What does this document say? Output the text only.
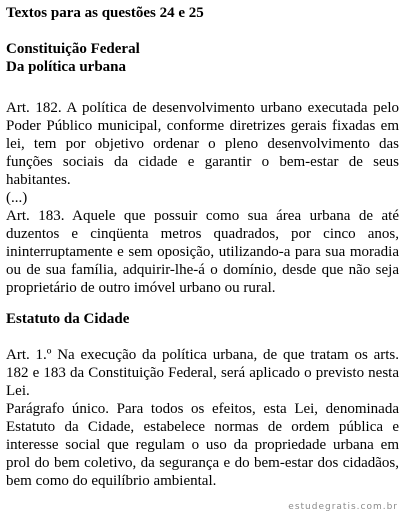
Textos para as questões 24 e 25

Constituição Federal

Da política urbana

Art. 182. A política de desenvolvimento urbano executada pelo Poder Público municipal, conforme diretrizes gerais fixadas em lei, tem por objetivo ordenar o pleno desenvolvimento das funções sociais da cidade e garantir o bem-estar de seus habitantes.

(...)

Art. 183. Aquele que possuir como sua área urbana de até duzentos e cinqüenta metros quadrados, por cinco anos, ininterruptamente e sem oposição, utilizando-a para sua moradia ou de sua família, adquirir-lhe-á o domínio, desde que não seja proprietário de outro imóvel urbano ou rural.

Estatuto da Cidade

Art. 1.º Na execução da política urbana, de que tratam os arts. 182 e 183 da Constituição Federal, será aplicado o previsto nesta Lei.

Parágrafo único. Para todos os efeitos, esta Lei, denominada Estatuto da Cidade, estabelece normas de ordem pública e interesse social que regulam o uso da propriedade urbana em prol do bem coletivo, da segurança e do bem-estar dos cidadãos, bem como do equilíbrio ambiental.

estudegratis.com.br
